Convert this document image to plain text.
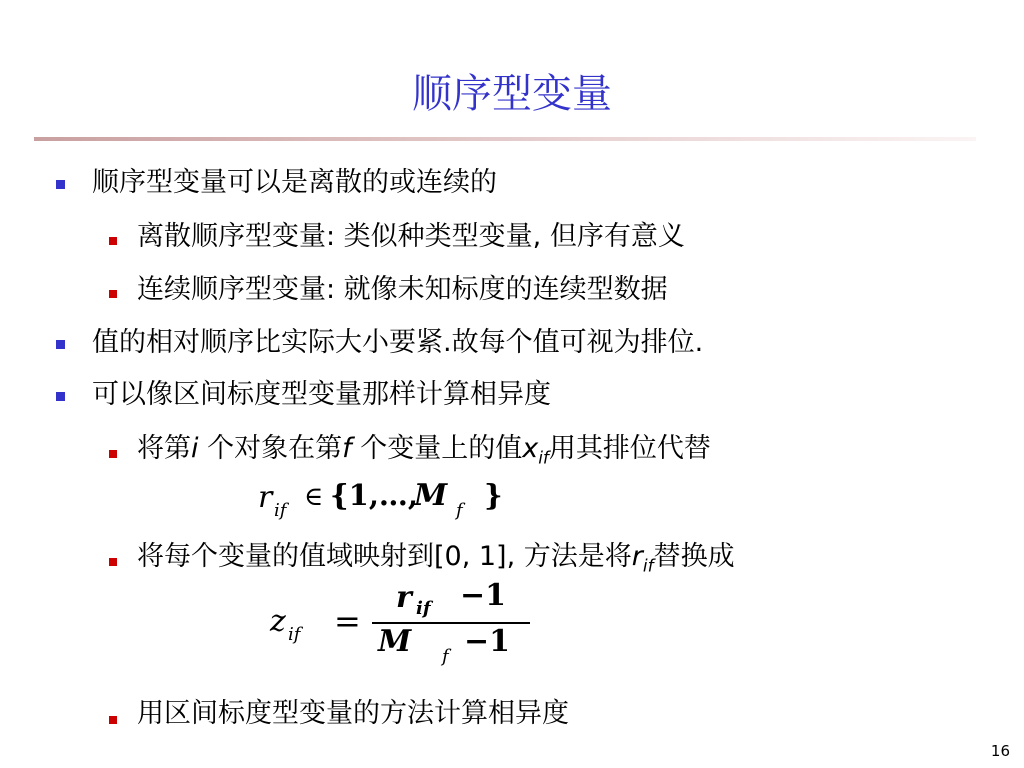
顺序型变量
顺序型变量可以是离散的或连续的
离散顺序型变量: 类似种类型变量, 但序有意义
连续顺序型变量: 就像未知标度的连续型数据
值的相对顺序比实际大小要紧.故每个值可视为排位.
可以像区间标度型变量那样计算相异度
将第i 个对象在第f 个变量上的值$x_{if}$用其排位代替
r if ∈ {1,…,
M f }
将每个变量的值域映射到[0, 1], 方法是将$r_{if}$替换成
z if =
r if −1
M f −1
用区间标度型变量的方法计算相异度
16
